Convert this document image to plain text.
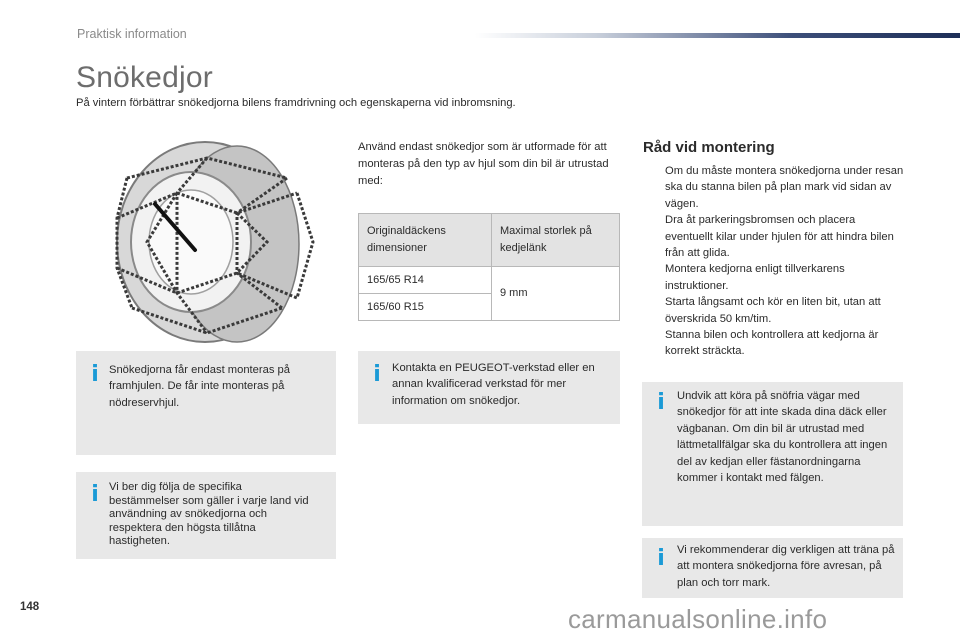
Praktisk information
Snökedjor

På vintern förbättrar snökedjorna bilens framdrivning och egenskaperna vid inbromsning.

Använd endast snökedjor som är utformade för att monteras på den typ av hjul som din bil är utrustad med:

Originaldäckens dimensioner	Maximal storlek på kedjelänk
165/65 R14	9 mm
165/60 R15	
i Snökedjorna får endast monteras på framhjulen. De får inte monteras på nödreservhjul.

i Vi ber dig följa de specifika bestämmelser som gäller i varje land vid användning av snökedjorna och respektera den högsta tillåtna hastigheten.

i	Kontakta en PEUGEOT-verkstad eller en annan kvalificerad verkstad för mer information om snökedjor.

Råd vid montering
Om du måste montera snökedjorna under resan ska du stanna bilen på plan mark vid sidan av vägen.
Dra åt parkeringsbromsen och placera eventuellt kilar under hjulen för att hindra bilen från att glida.
Montera kedjorna enligt tillverkarens instruktioner.
Starta långsamt och kör en liten bit, utan att överskrida 50 km/tim.
Stanna bilen och kontrollera att kedjorna är korrekt sträckta.
i	Undvik att köra på snöfria vägar med snökedjor för att inte skada dina däck eller vägbanan. Om din bil är utrustad med lättmetallfälgar ska du kontrollera att ingen del av kedjan eller fästanordningarna kommer i kontakt med fälgen.

i	Vi rekommenderar dig verkligen att träna på att montera snökedjorna före avresan, på plan och torr mark.

148	carmanualsonline.info
